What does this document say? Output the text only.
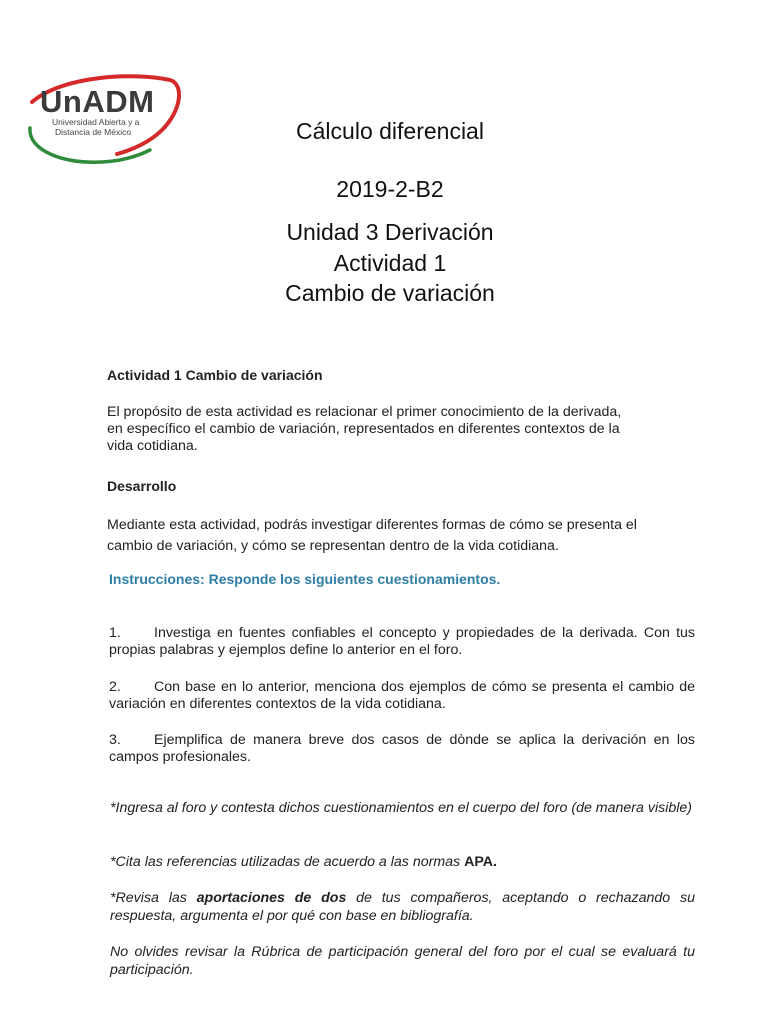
UnADM
Universidad Abierta y a
Distancia de México	Cálculo diferencial
2019-2-B2
Unidad 3 Derivación
Actividad 1
Cambio de variación
Actividad 1 Cambio de variación
El propósito de esta actividad es relacionar el primer conocimiento de la derivada,
en específico el cambio de variación, representados en diferentes contextos de la
vida cotidiana.
Desarrollo
Mediante esta actividad, podrás investigar diferentes formas de cómo se presenta el
cambio de variación, y cómo se representan dentro de la vida cotidiana.
Instrucciones: Responde los siguientes cuestionamientos.
1. Investiga en fuentes confiables el concepto y propiedades de la derivada. Con tus propias palabras y ejemplos define lo anterior en el foro.
2. Con base en lo anterior, menciona dos ejemplos de cómo se presenta el cambio de variación en diferentes contextos de la vida cotidiana.
3. Ejemplifica de manera breve dos casos de dònde se aplica la derivación en los campos profesionales.
*Ingresa al foro y contesta dichos cuestionamientos en el cuerpo del foro (de manera visible)
*Cita las referencias utilizadas de acuerdo a las normas APA.
*Revisa las aportaciones de dos de tus compañeros, aceptando o rechazando su respuesta, argumenta el por qué con base en bibliografía.
No olvides revisar la Rúbrica de participación general del foro por el cual se evaluará tu participación.
